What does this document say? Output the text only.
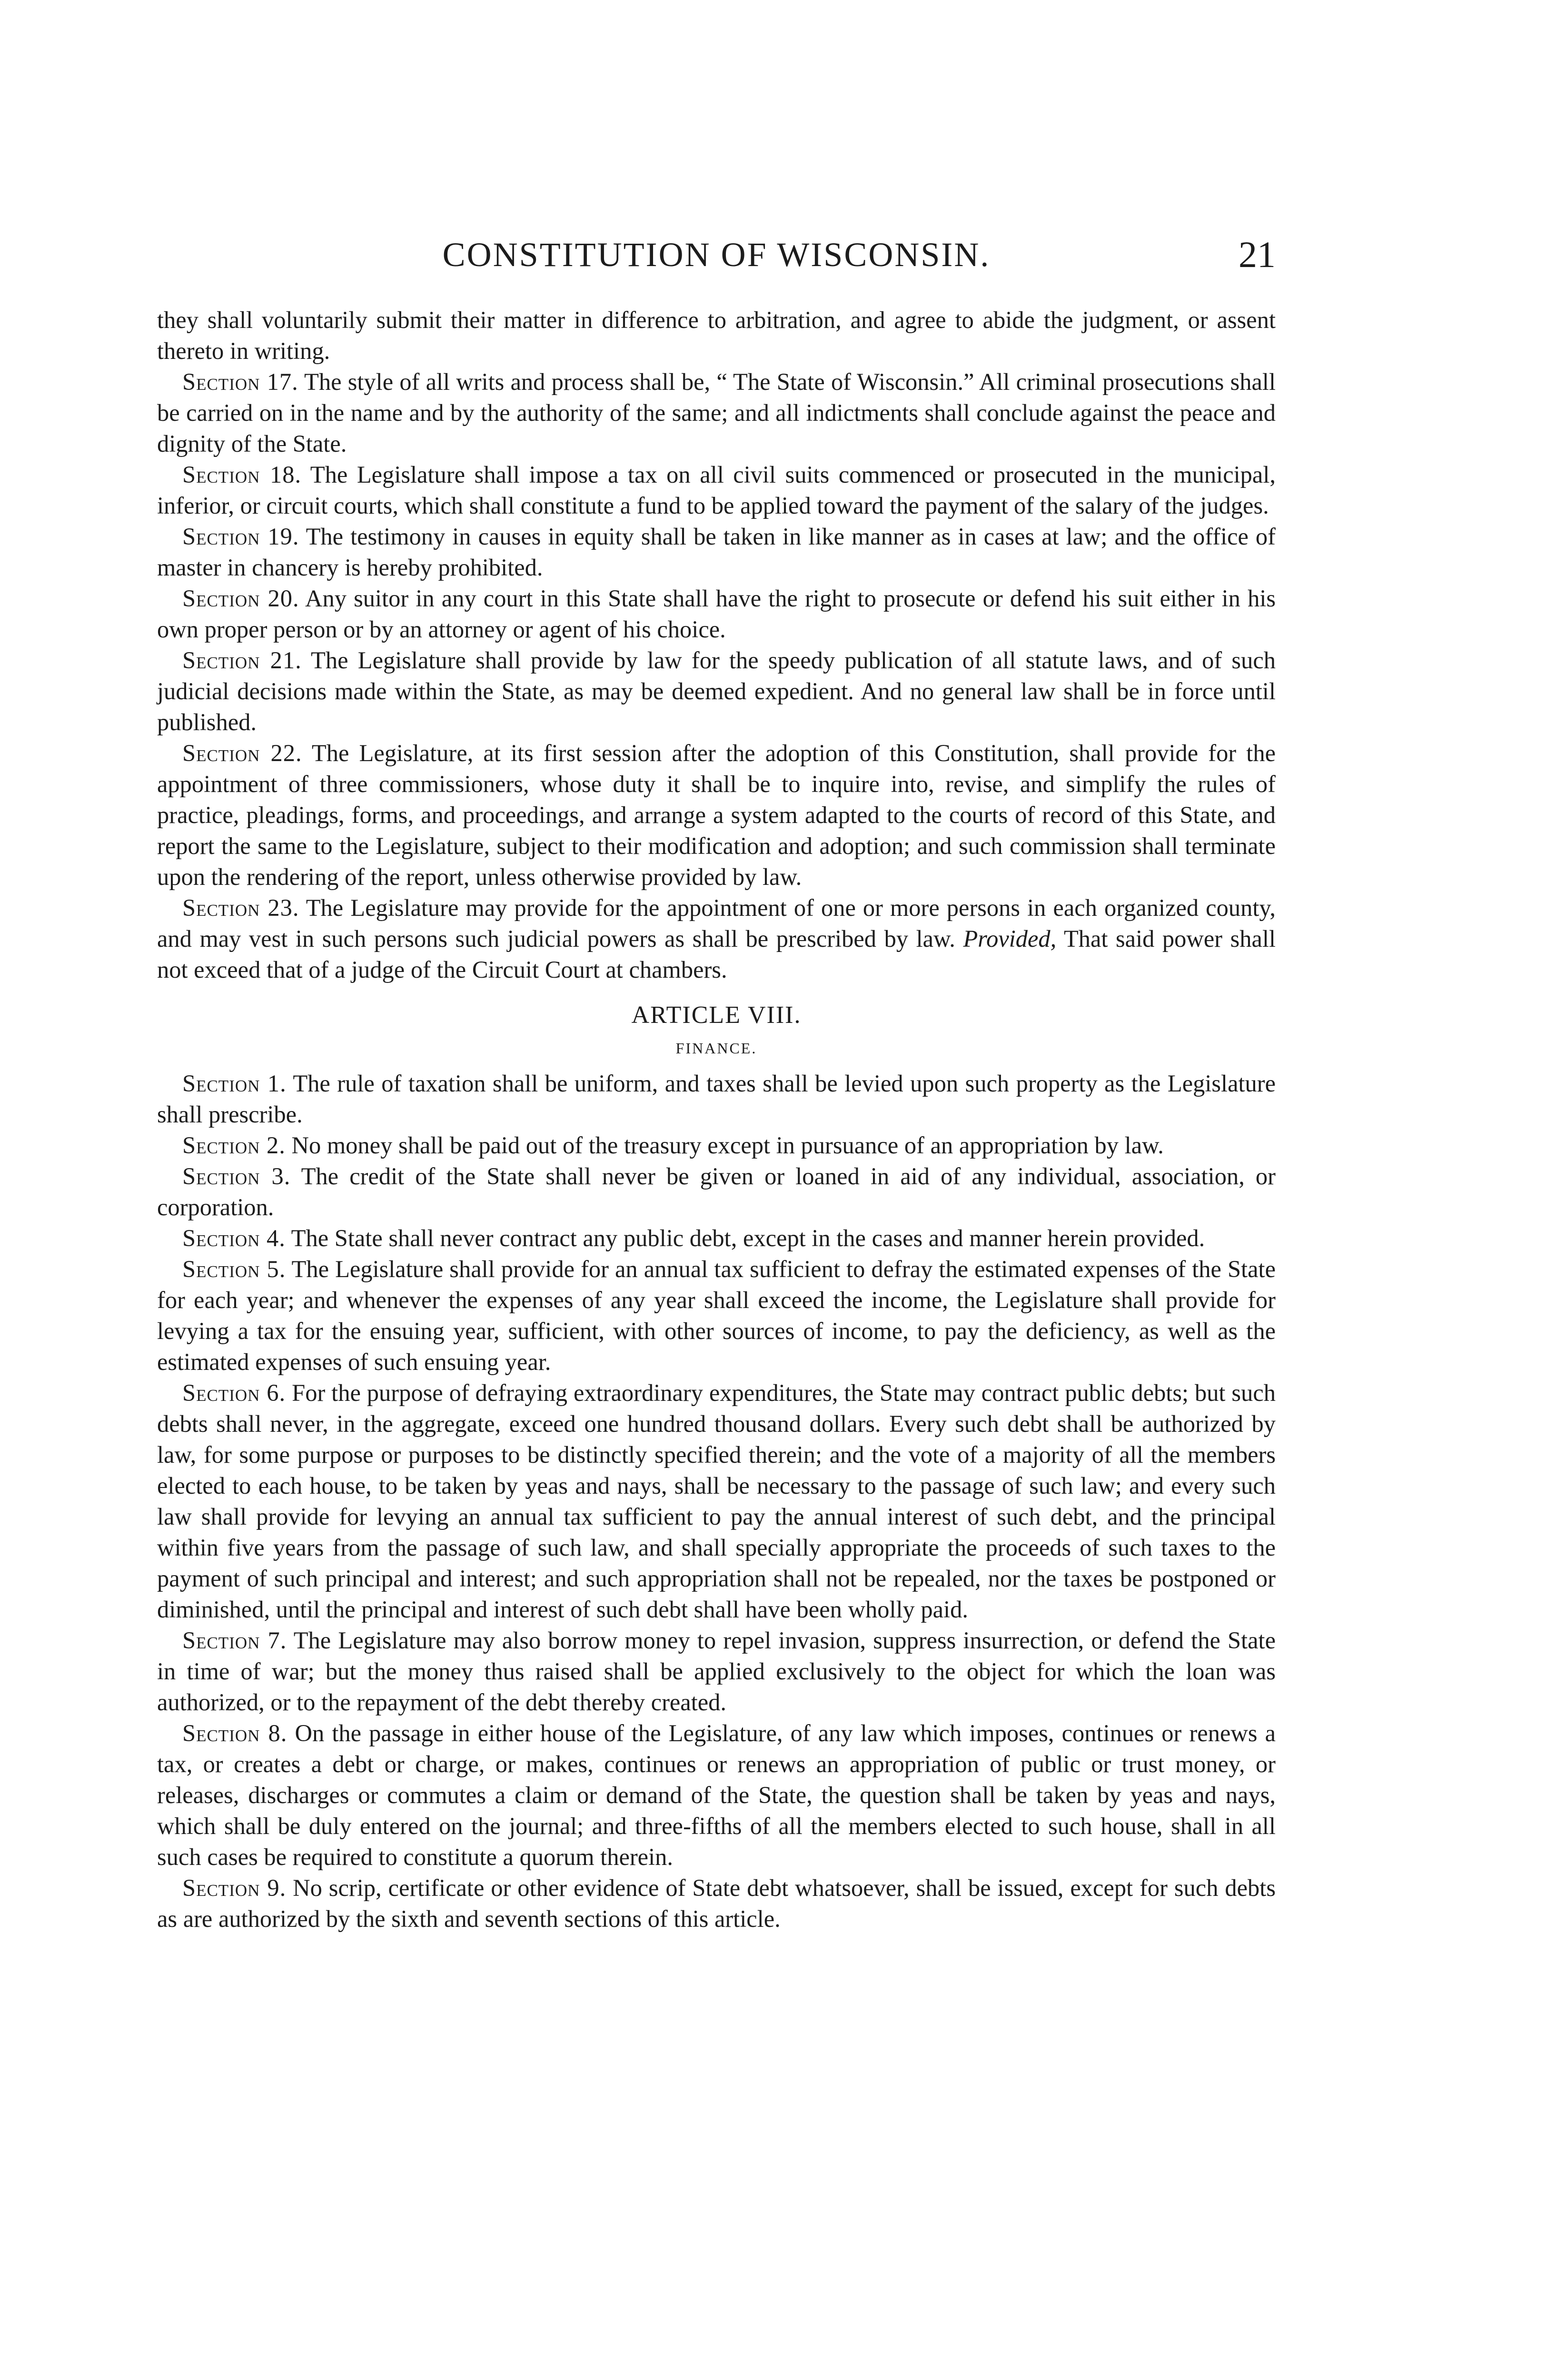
CONSTITUTION OF WISCONSIN.	21

they shall voluntarily submit their matter in difference to arbitration, and agree to abide the judgment, or assent thereto in writing.

Section 17. The style of all writs and process shall be, “ The State of Wisconsin.” All criminal prosecutions shall be carried on in the name and by the authority of the same; and all indictments shall conclude against the peace and dignity of the State.

Section 18. The Legislature shall impose a tax on all civil suits commenced or prosecuted in the municipal, inferior, or circuit courts, which shall constitute a fund to be applied toward the payment of the salary of the judges.

Section 19. The testimony in causes in equity shall be taken in like manner as in cases at law; and the office of master in chancery is hereby prohibited.

Section 20. Any suitor in any court in this State shall have the right to prosecute or defend his suit either in his own proper person or by an attorney or agent of his choice.

Section 21. The Legislature shall provide by law for the speedy publication of all statute laws, and of such judicial decisions made within the State, as may be deemed expedient. And no general law shall be in force until published.

Section 22. The Legislature, at its first session after the adoption of this Constitution, shall provide for the appointment of three commissioners, whose duty it shall be to inquire into, revise, and simplify the rules of practice, pleadings, forms, and proceedings, and arrange a system adapted to the courts of record of this State, and report the same to the Legislature, subject to their modification and adoption; and such commission shall terminate upon the rendering of the report, unless otherwise provided by law.

Section 23. The Legislature may provide for the appointment of one or more persons in each organized county, and may vest in such persons such judicial powers as shall be prescribed by law. Provided, That said power shall not exceed that of a judge of the Circuit Court at chambers.

ARTICLE VIII.

FINANCE.

Section 1. The rule of taxation shall be uniform, and taxes shall be levied upon such property as the Legislature shall prescribe.

Section 2. No money shall be paid out of the treasury except in pursuance of an appropriation by law.

Section 3. The credit of the State shall never be given or loaned in aid of any individual, association, or corporation.

Section 4. The State shall never contract any public debt, except in the cases and manner herein provided.

Section 5. The Legislature shall provide for an annual tax sufficient to defray the estimated expenses of the State for each year; and whenever the expenses of any year shall exceed the income, the Legislature shall provide for levying a tax for the ensuing year, sufficient, with other sources of income, to pay the deficiency, as well as the estimated expenses of such ensuing year.

Section 6. For the purpose of defraying extraordinary expenditures, the State may contract public debts; but such debts shall never, in the aggregate, exceed one hundred thousand dollars. Every such debt shall be authorized by law, for some purpose or purposes to be distinctly specified therein; and the vote of a majority of all the members elected to each house, to be taken by yeas and nays, shall be necessary to the passage of such law; and every such law shall provide for levying an annual tax sufficient to pay the annual interest of such debt, and the principal within five years from the passage of such law, and shall specially appropriate the proceeds of such taxes to the payment of such principal and interest; and such appropriation shall not be repealed, nor the taxes be postponed or diminished, until the principal and interest of such debt shall have been wholly paid.

Section 7. The Legislature may also borrow money to repel invasion, suppress insurrection, or defend the State in time of war; but the money thus raised shall be applied exclusively to the object for which the loan was authorized, or to the repayment of the debt thereby created.

Section 8. On the passage in either house of the Legislature, of any law which imposes, continues or renews a tax, or creates a debt or charge, or makes, continues or renews an appropriation of public or trust money, or releases, discharges or commutes a claim or demand of the State, the question shall be taken by yeas and nays, which shall be duly entered on the journal; and three-fifths of all the members elected to such house, shall in all such cases be required to constitute a quorum therein.

Section 9. No scrip, certificate or other evidence of State debt whatsoever, shall be issued, except for such debts as are authorized by the sixth and seventh sections of this article.
